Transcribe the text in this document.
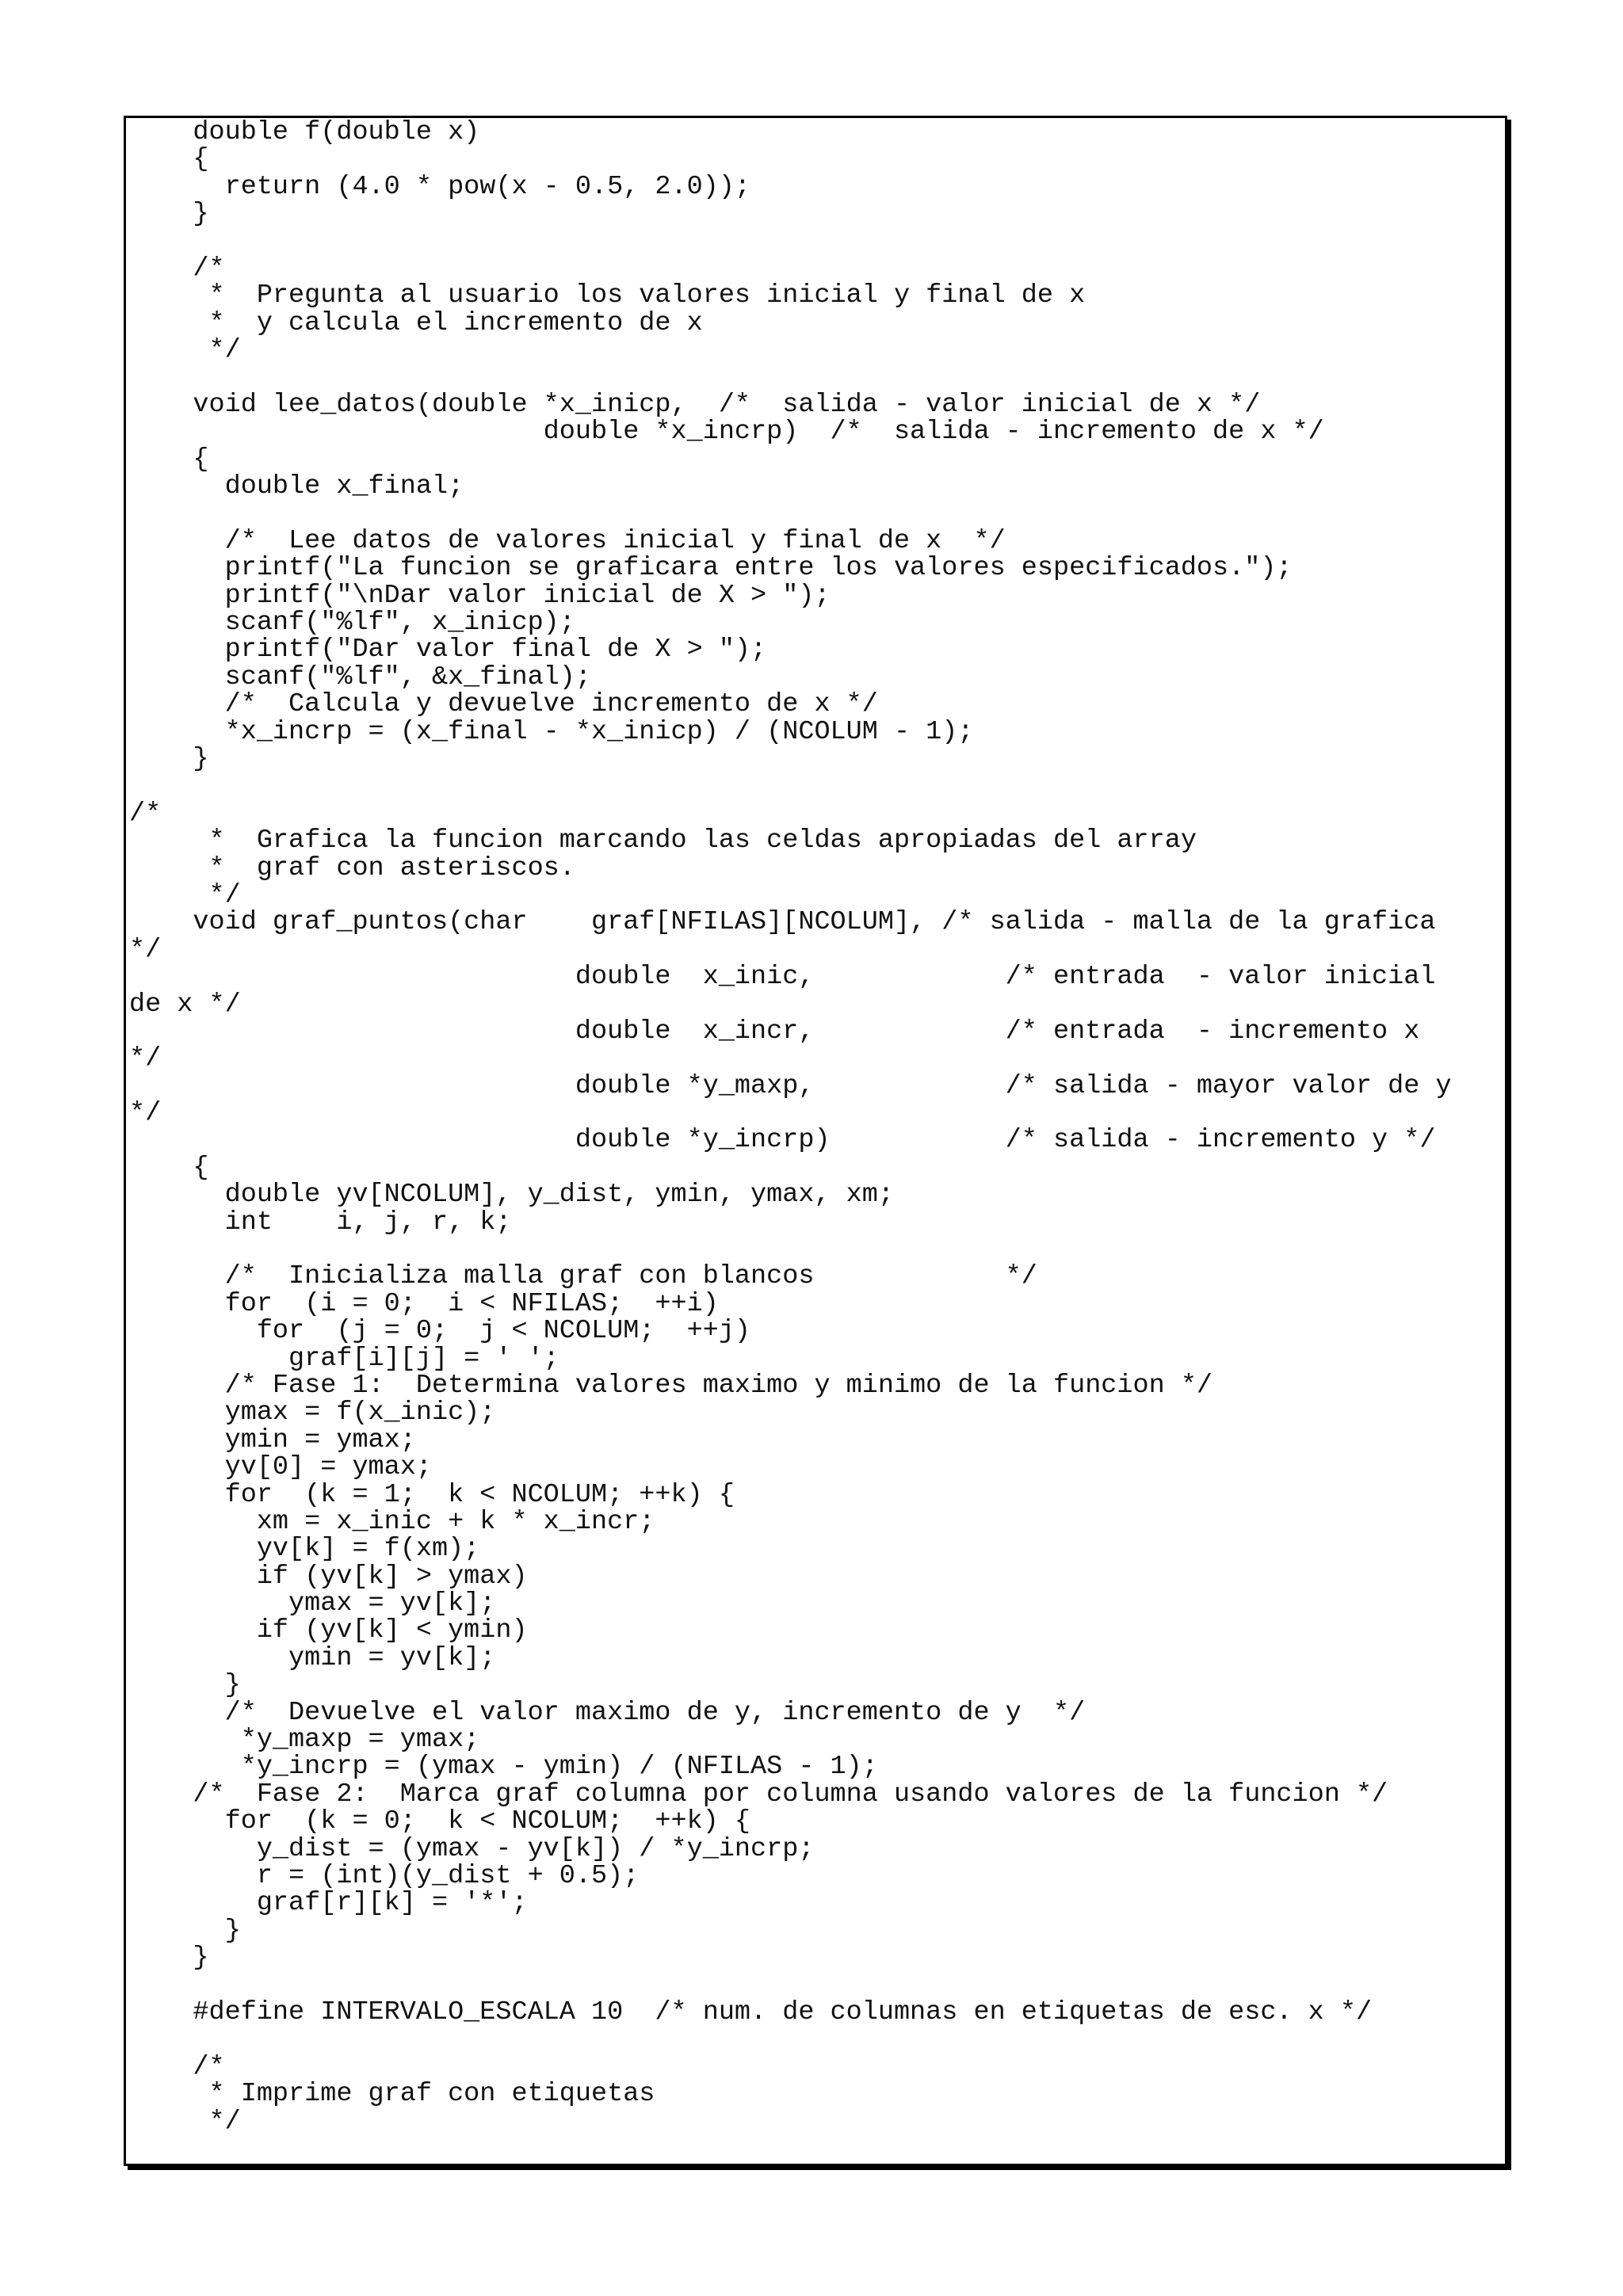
double f(double x)
{
return (4.0 * pow(x - 0.5, 2.0));
}
/*
*  Pregunta al usuario los valores inicial y final de x
*  y calcula el incremento de x
*/
void lee_datos(double *x_inicp,  /*  salida - valor inicial de x */
double *x_incrp)  /*  salida - incremento de x */
{
double x_final;
/*  Lee datos de valores inicial y final de x  */
printf("La funcion se graficara entre los valores especificados.");
printf("\nDar valor inicial de X > ");
scanf("%lf", x_inicp);
printf("Dar valor final de X > ");
scanf("%lf", &x_final);
/*  Calcula y devuelve incremento de x */
*x_incrp = (x_final - *x_inicp) / (NCOLUM - 1);
}
/*
*  Grafica la funcion marcando las celdas apropiadas del array
*  graf con asteriscos.
*/
void graf_puntos(char    graf[NFILAS][NCOLUM], /* salida - malla de la grafica
*/
double  x_inic,            /* entrada  - valor inicial
de x */
double  x_incr,            /* entrada  - incremento x
*/
double *y_maxp,            /* salida - mayor valor de y
*/
double *y_incrp)           /* salida - incremento y */
{
double yv[NCOLUM], y_dist, ymin, ymax, xm;
int    i, j, r, k;
/*  Inicializa malla graf con blancos            */
for  (i = 0;  i < NFILAS;  ++i)
for  (j = 0;  j < NCOLUM;  ++j)
graf[i][j] = ' ';
/* Fase 1:  Determina valores maximo y minimo de la funcion */
ymax = f(x_inic);
ymin = ymax;
yv[0] = ymax;
for  (k = 1;  k < NCOLUM; ++k) {
xm = x_inic + k * x_incr;
yv[k] = f(xm);
if (yv[k] > ymax)
ymax = yv[k];
if (yv[k] < ymin)
ymin = yv[k];
}
/*  Devuelve el valor maximo de y, incremento de y  */
*y_maxp = ymax;
*y_incrp = (ymax - ymin) / (NFILAS - 1);
/*  Fase 2:  Marca graf columna por columna usando valores de la funcion */
for  (k = 0;  k < NCOLUM;  ++k) {
y_dist = (ymax - yv[k]) / *y_incrp;
r = (int)(y_dist + 0.5);
graf[r][k] = '*';
}
}
#define INTERVALO_ESCALA 10  /* num. de columnas en etiquetas de esc. x */
/*
* Imprime graf con etiquetas
*/
